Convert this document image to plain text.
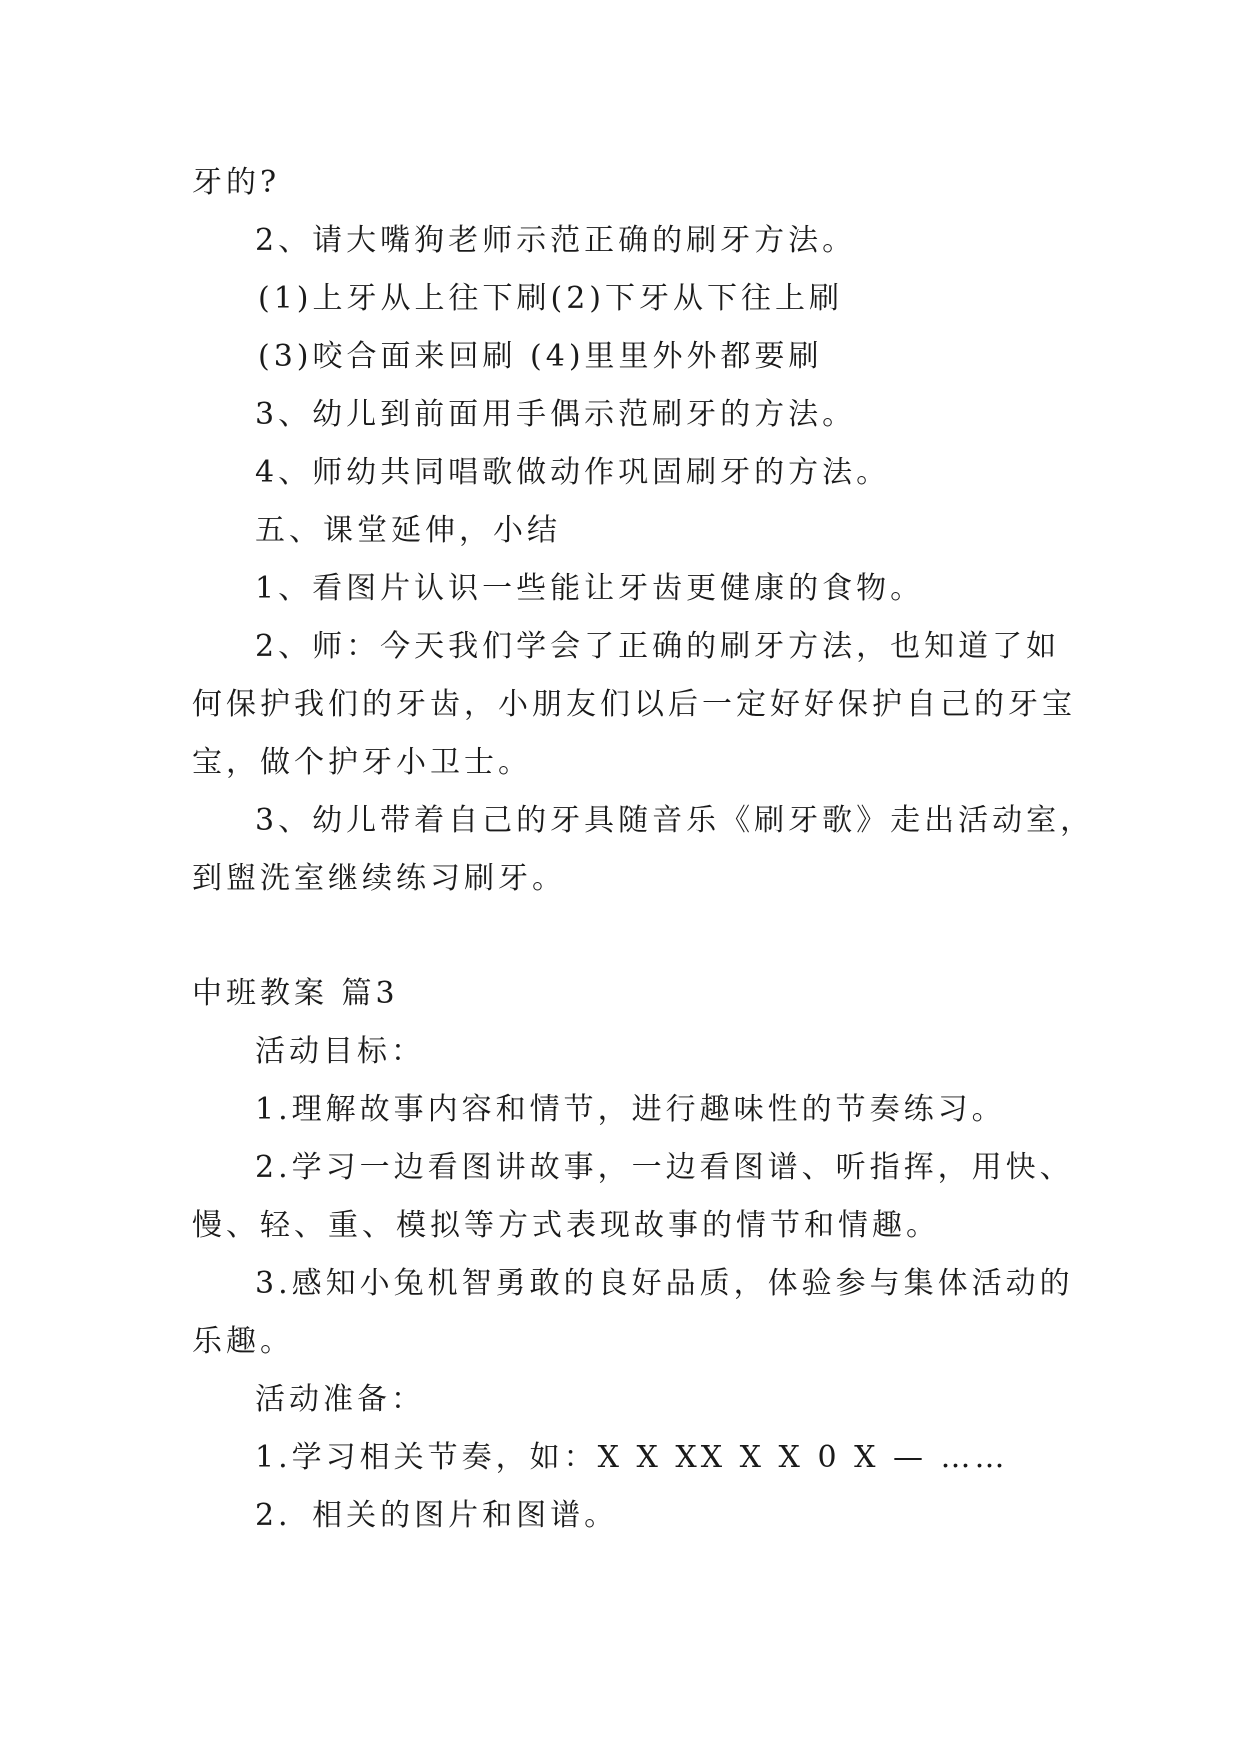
牙的?
2、请大嘴狗老师示范正确的刷牙方法。
(1)上牙从上往下刷(2)下牙从下往上刷
(3)咬合面来回刷 (4)里里外外都要刷
3、幼儿到前面用手偶示范刷牙的方法。
4、师幼共同唱歌做动作巩固刷牙的方法。
五、课堂延伸，小结
1、看图片认识一些能让牙齿更健康的食物。
2、师：今天我们学会了正确的刷牙方法，也知道了如
何保护我们的牙齿，小朋友们以后一定好好保护自己的牙宝
宝，做个护牙小卫士。
3、幼儿带着自己的牙具随音乐《刷牙歌》走出活动室，
到盥洗室继续练习刷牙。
中班教案 篇3
活动目标：
1.理解故事内容和情节，进行趣味性的节奏练习。
2.学习一边看图讲故事，一边看图谱、听指挥，用快、
慢、轻、重、模拟等方式表现故事的情节和情趣。
3.感知小兔机智勇敢的良好品质，体验参与集体活动的
乐趣。
活动准备：
1.学习相关节奏，如：X X XX X X 0 X — ……
2．相关的图片和图谱。
